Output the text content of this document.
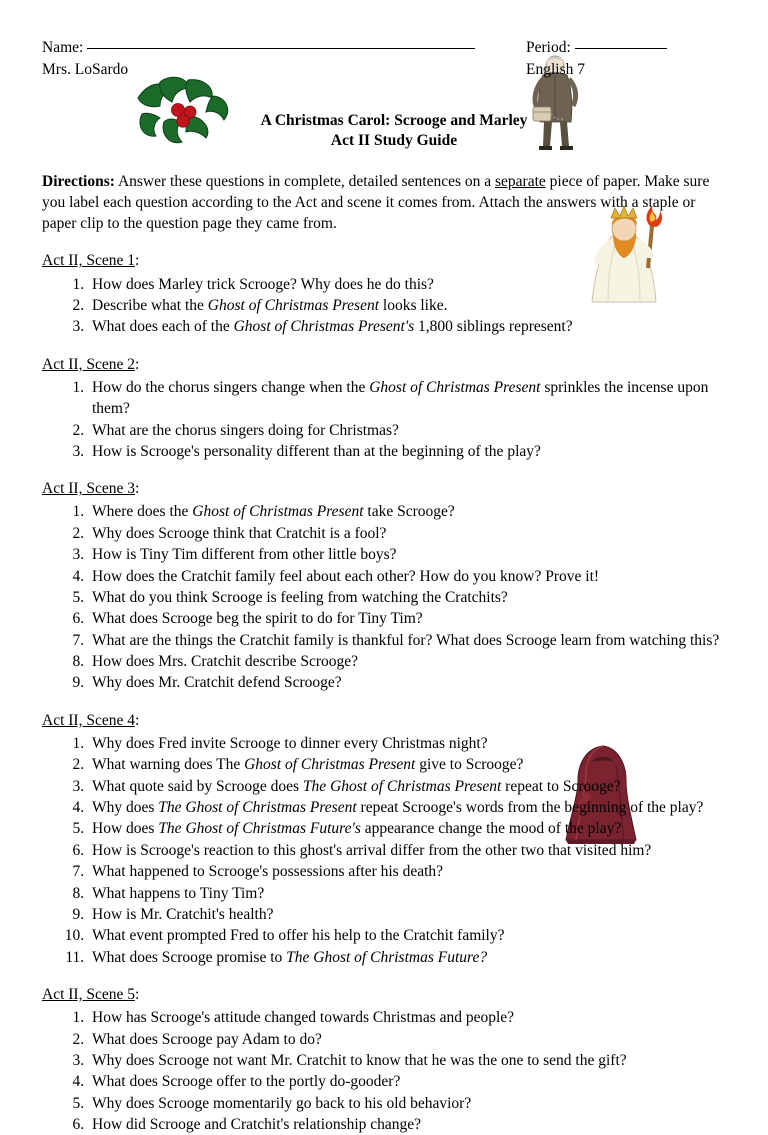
Name:
Mrs. LoSardo
Period:
English 7
A Christmas Carol: Scrooge and Marley
Act II Study Guide

Directions: Answer these questions in complete, detailed sentences on a separate piece of paper. Make sure you label each question according to the Act and scene it comes from. Attach the answers with a staple or paper clip to the question page they came from.

Act II, Scene 1:
1. How does Marley trick Scrooge? Why does he do this?
2. Describe what the Ghost of Christmas Present looks like.
3. What does each of the Ghost of Christmas Present's 1,800 siblings represent?
Act II, Scene 2:
1. How do the chorus singers change when the Ghost of Christmas Present sprinkles the incense upon them?
2. What are the chorus singers doing for Christmas?
3. How is Scrooge's personality different than at the beginning of the play?
Act II, Scene 3:
1. Where does the Ghost of Christmas Present take Scrooge?
2. Why does Scrooge think that Cratchit is a fool?
3. How is Tiny Tim different from other little boys?
4. How does the Cratchit family feel about each other? How do you know? Prove it!
5. What do you think Scrooge is feeling from watching the Cratchits?
6. What does Scrooge beg the spirit to do for Tiny Tim?
7. What are the things the Cratchit family is thankful for? What does Scrooge learn from watching this?
8. How does Mrs. Cratchit describe Scrooge?
9. Why does Mr. Cratchit defend Scrooge?
Act II, Scene 4:
1. Why does Fred invite Scrooge to dinner every Christmas night?
2. What warning does The Ghost of Christmas Present give to Scrooge?
3. What quote said by Scrooge does The Ghost of Christmas Present repeat to Scrooge?
4. Why does The Ghost of Christmas Present repeat Scrooge's words from the beginning of the play?
5. How does The Ghost of Christmas Future's appearance change the mood of the play?
6. How is Scrooge's reaction to this ghost's arrival differ from the other two that visited him?
7. What happened to Scrooge's possessions after his death?
8. What happens to Tiny Tim?
9. How is Mr. Cratchit's health?
10. What event prompted Fred to offer his help to the Cratchit family?
11. What does Scrooge promise to The Ghost of Christmas Future?
Act II, Scene 5:
1. How has Scrooge's attitude changed towards Christmas and people?
2. What does Scrooge pay Adam to do?
3. Why does Scrooge not want Mr. Cratchit to know that he was the one to send the gift?
4. What does Scrooge offer to the portly do-gooder?
5. Why does Scrooge momentarily go back to his old behavior?
6. How did Scrooge and Cratchit's relationship change?
